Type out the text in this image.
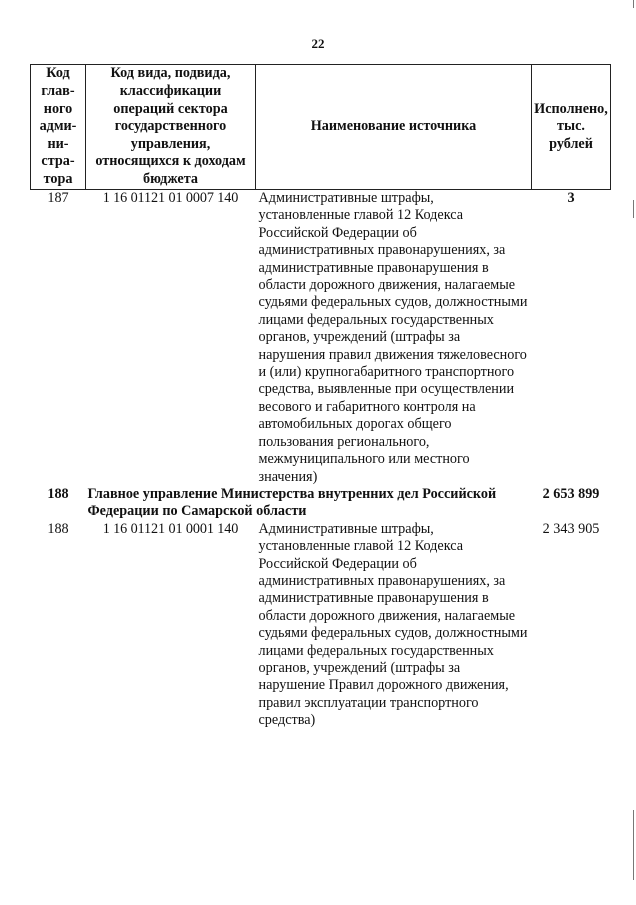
22
Код глав-ного адми-ни-стра-тора	Код вида, подвида, классификации операций сектора государственного управления, относящихся к доходам бюджета	Наименование источника	Исполнено, тыс. рублей
187	1 16 01121 01 0007 140	Административные штрафы, установленные главой 12 Кодекса Российской Федерации об административных правонарушениях, за административные правонарушения в области дорожного движения, налагаемые судьями федеральных судов, должностными лицами федеральных государственных органов, учреждений (штрафы за нарушения правил движения тяжеловесного и (или) крупногабаритного транспортного средства, выявленные при осуществлении весового и габаритного контроля на автомобильных дорогах общего пользования регионального, межмуниципального или местного значения)	3
188	Главное управление Министерства внутренних дел Российской Федерации по Самарской области		2 653 899
188	1 16 01121 01 0001 140	Административные штрафы, установленные главой 12 Кодекса Российской Федерации об административных правонарушениях, за административные правонарушения в области дорожного движения, налагаемые судьями федеральных судов, должностными лицами федеральных государственных органов, учреждений (штрафы за нарушение Правил дорожного движения, правил эксплуатации транспортного средства)	2 343 905
